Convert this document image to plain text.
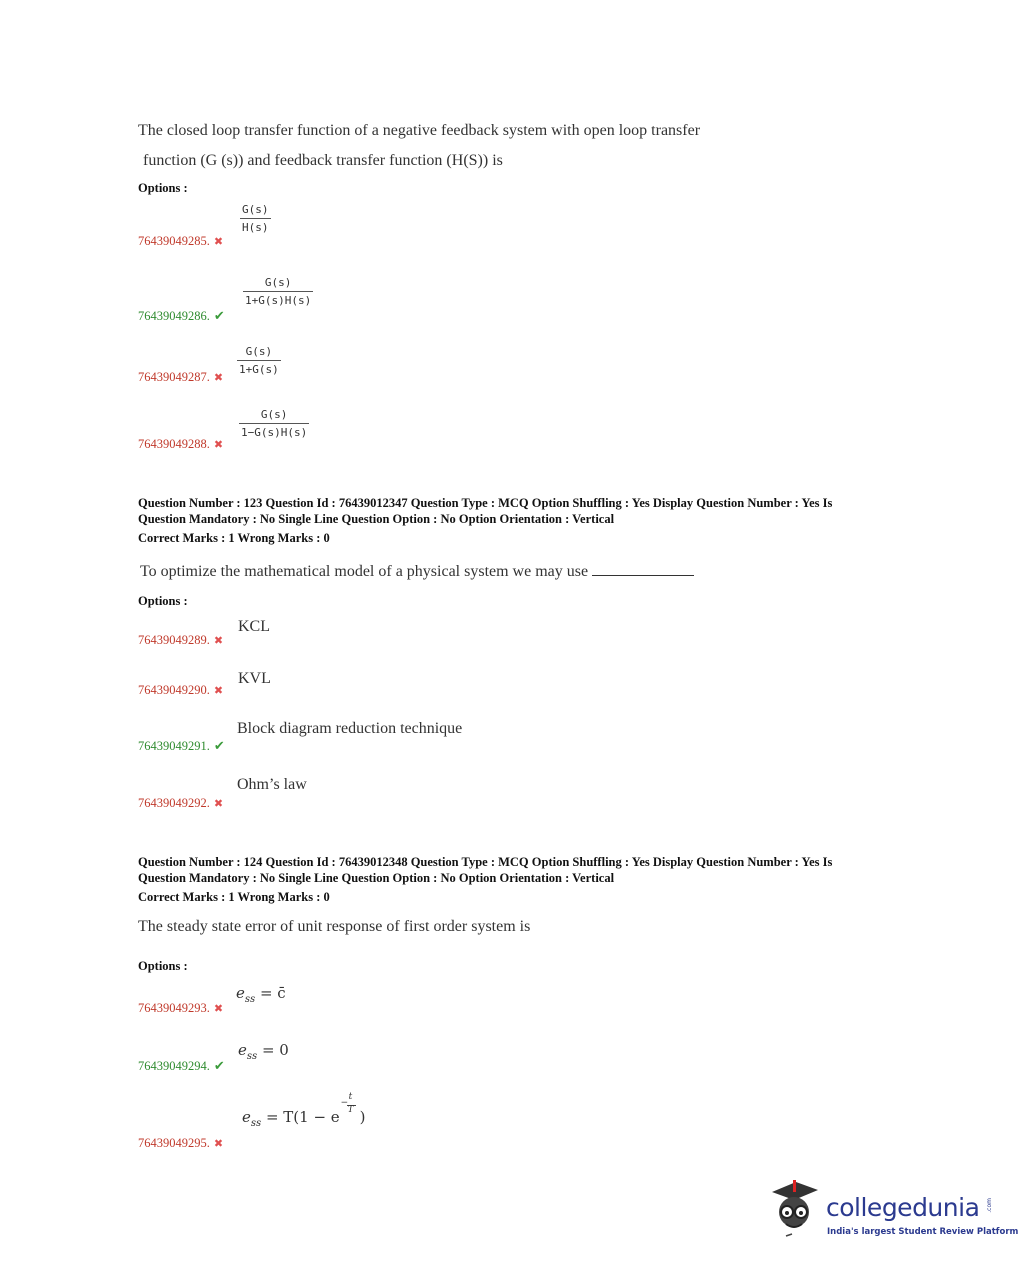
The closed loop transfer function of a negative feedback system with open loop transfer
function (G (s)) and feedback transfer function (H(S)) is
Options :
$\frac{G(s)}{H(s)}$
76439049285. ✖
$\frac{G(s)}{1+G(s)H(s)}$
76439049286. ✔
$\frac{G(s)}{1+G(s)}$
76439049287. ✖
$\frac{G(s)}{1-G(s)H(s)}$
76439049288. ✖
Question Number : 123 Question Id : 76439012347 Question Type : MCQ Option Shuffling : Yes Display Question Number : Yes Is
Question Mandatory : No Single Line Question Option : No Option Orientation : Vertical
Correct Marks : 1 Wrong Marks : 0
To optimize the mathematical model of a physical system we may use
Options :
KCL
76439049289. ✖
KVL
76439049290. ✖
Block diagram reduction technique
76439049291. ✔
Ohm’s law
76439049292. ✖
Question Number : 124 Question Id : 76439012348 Question Type : MCQ Option Shuffling : Yes Display Question Number : Yes Is
Question Mandatory : No Single Line Question Option : No Option Orientation : Vertical
Correct Marks : 1 Wrong Marks : 0
The steady state error of unit response of first order system is
Options :
$e_{ss}$ = c̄
76439049293. ✖
$e_{ss} = 0$
76439049294. ✔
$e_{ss} = T(1 - e$
−
t
T )
76439049295. ✖
collegedunia .com
India's largest Student Review Platform
